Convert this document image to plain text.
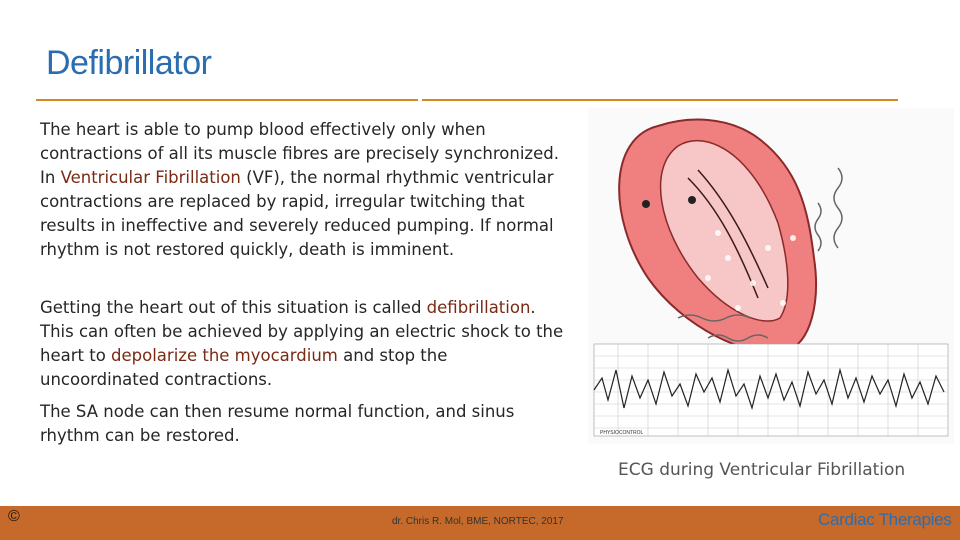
Defibrillator
The heart is able to pump blood effectively only when contractions of all its muscle fibres are precisely synchronized. In Ventricular Fibrillation (VF), the normal rhythmic ventricular contractions are replaced by rapid, irregular twitching that results in ineffective and severely reduced pumping. If normal rhythm is not restored quickly, death is imminent.
Getting the heart out of this situation is called defibrillation. This can often be achieved by applying an electric shock to the heart to depolarize the myocardium and stop the uncoordinated contractions.
The SA node can then resume normal function, and sinus rhythm can be restored.	PHYSIOCONTROL
ECG during Ventricular Fibrillation
©	dr. Chris R. Mol, BME, NORTEC, 2017	Cardiac Therapies
